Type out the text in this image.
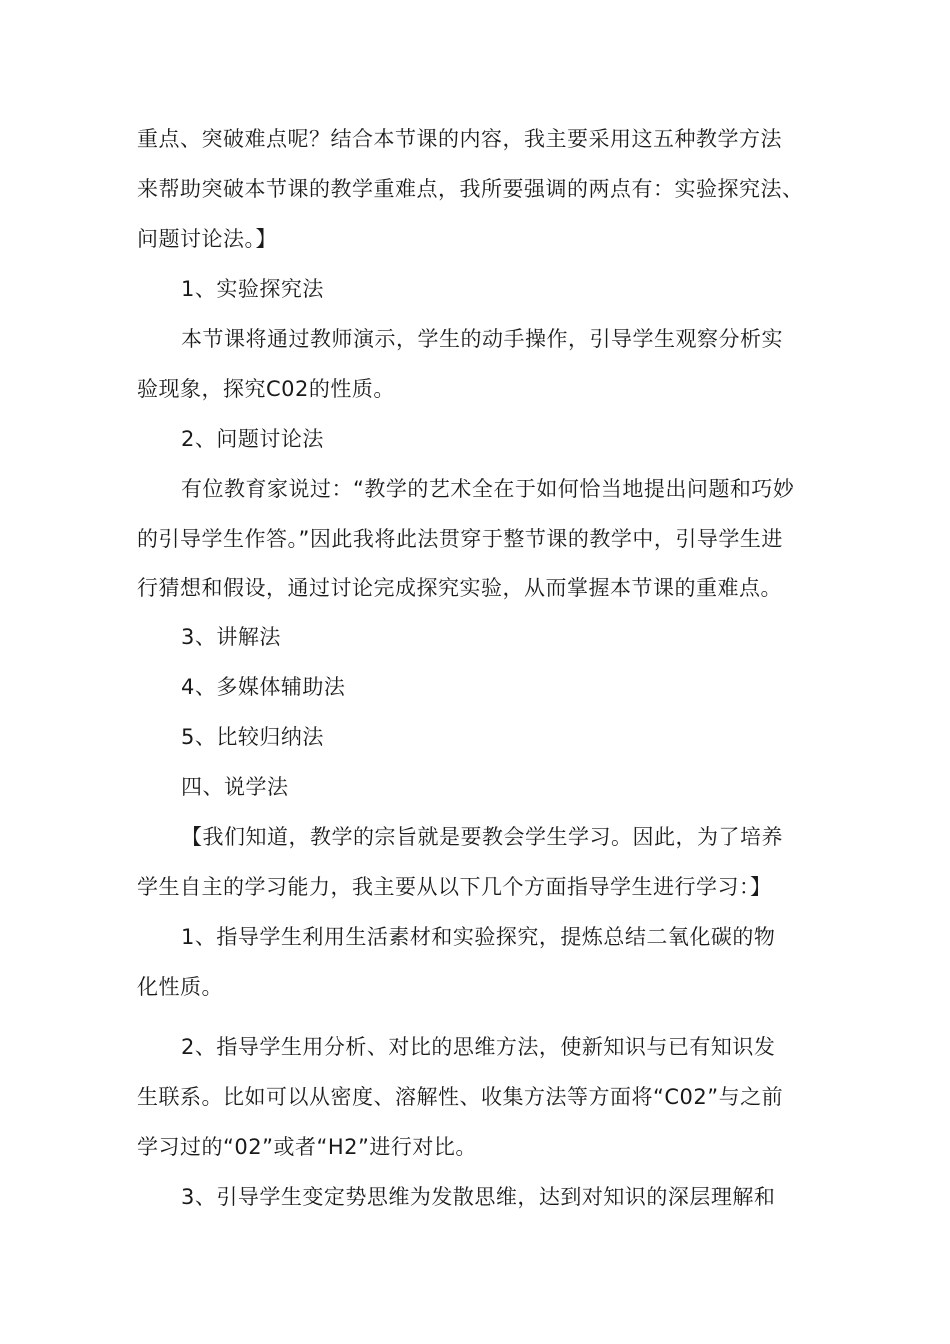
重点、突破难点呢？结合本节课的内容，我主要采用这五种教学方法
来帮助突破本节课的教学重难点，我所要强调的两点有：实验探究法、
问题讨论法。】
1、实验探究法
本节课将通过教师演示，学生的动手操作，引导学生观察分析实
验现象，探究C02的性质。
2、问题讨论法
有位教育家说过：“教学的艺术全在于如何恰当地提出问题和巧妙
的引导学生作答。”因此我将此法贯穿于整节课的教学中，引导学生进
行猜想和假设，通过讨论完成探究实验，从而掌握本节课的重难点。
3、讲解法
4、多媒体辅助法
5、比较归纳法
四、说学法
【我们知道，教学的宗旨就是要教会学生学习。因此，为了培养
学生自主的学习能力，我主要从以下几个方面指导学生进行学习：】
1、指导学生利用生活素材和实验探究，提炼总结二氧化碳的物
化性质。
2、指导学生用分析、对比的思维方法，使新知识与已有知识发
生联系。比如可以从密度、溶解性、收集方法等方面将“C02”与之前
学习过的“02”或者“H2”进行对比。
3、引导学生变定势思维为发散思维，达到对知识的深层理解和
